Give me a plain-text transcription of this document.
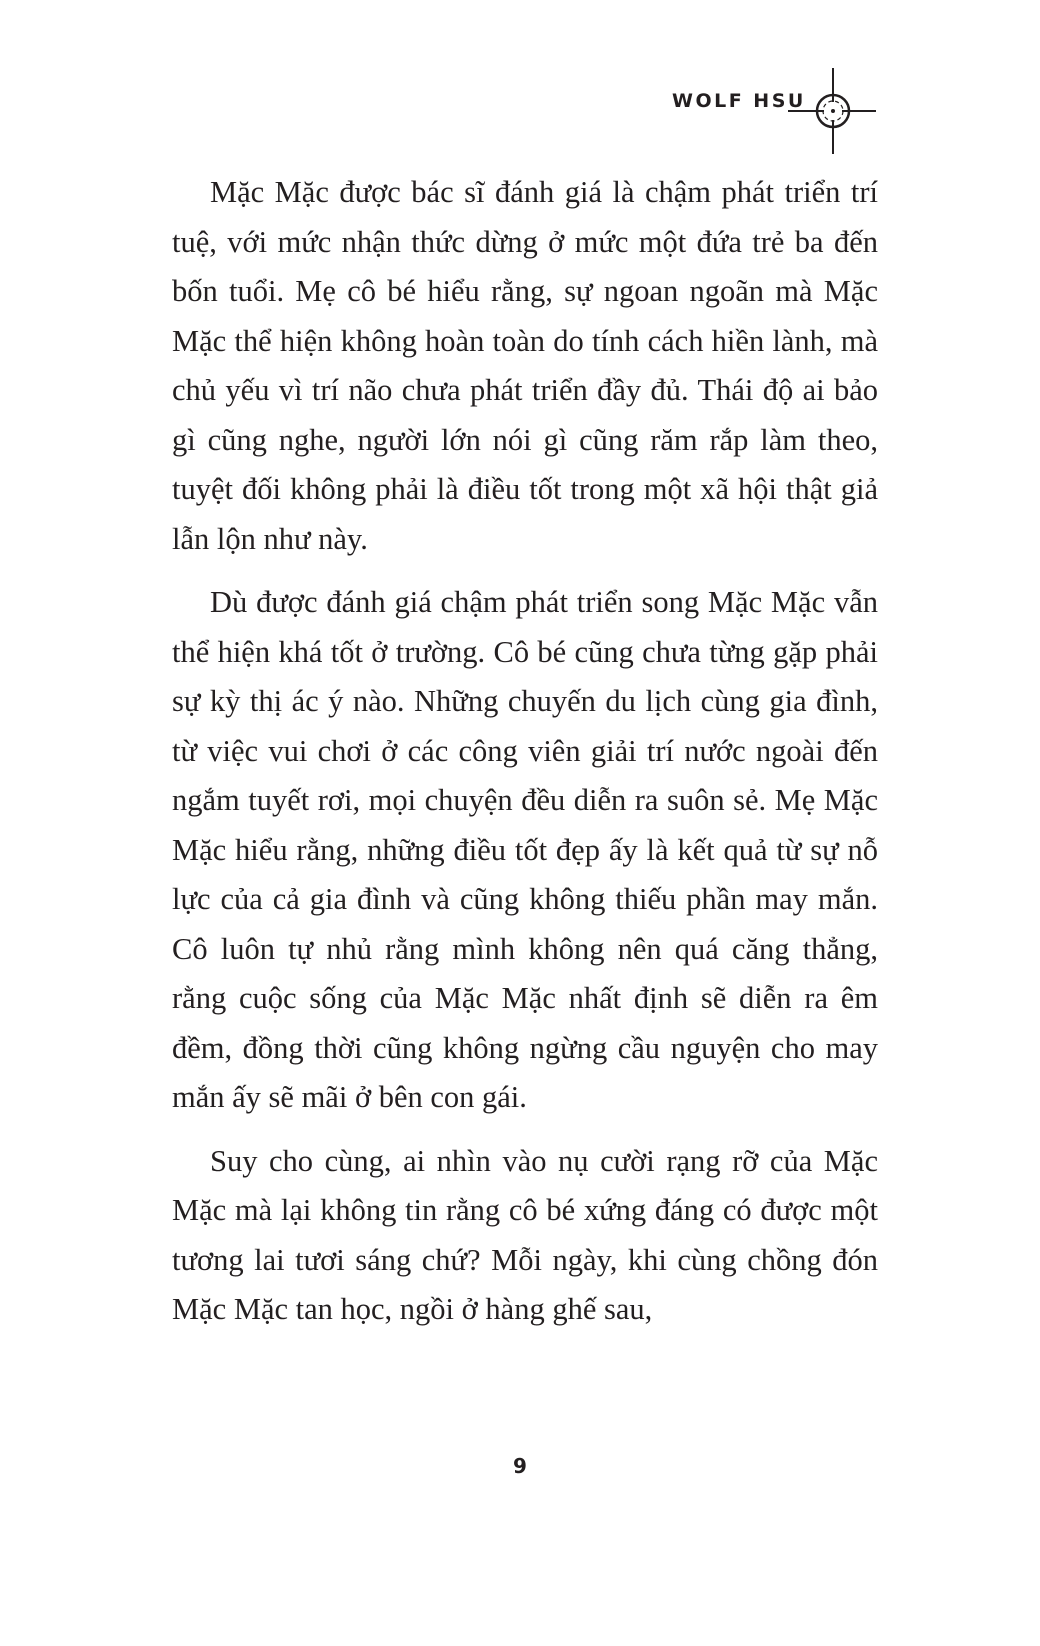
WOLF HSU

Mặc Mặc được bác sĩ đánh giá là chậm phát triển trí tuệ, với mức nhận thức dừng ở mức một đứa trẻ ba đến bốn tuổi. Mẹ cô bé hiểu rằng, sự ngoan ngoãn mà Mặc Mặc thể hiện không hoàn toàn do tính cách hiền lành, mà chủ yếu vì trí não chưa phát triển đầy đủ. Thái độ ai bảo gì cũng nghe, người lớn nói gì cũng răm rắp làm theo, tuyệt đối không phải là điều tốt trong một xã hội thật giả lẫn lộn như này.

Dù được đánh giá chậm phát triển song Mặc Mặc vẫn thể hiện khá tốt ở trường. Cô bé cũng chưa từng gặp phải sự kỳ thị ác ý nào. Những chuyến du lịch cùng gia đình, từ việc vui chơi ở các công viên giải trí nước ngoài đến ngắm tuyết rơi, mọi chuyện đều diễn ra suôn sẻ. Mẹ Mặc Mặc hiểu rằng, những điều tốt đẹp ấy là kết quả từ sự nỗ lực của cả gia đình và cũng không thiếu phần may mắn. Cô luôn tự nhủ rằng mình không nên quá căng thẳng, rằng cuộc sống của Mặc Mặc nhất định sẽ diễn ra êm đềm, đồng thời cũng không ngừng cầu nguyện cho may mắn ấy sẽ mãi ở bên con gái.

Suy cho cùng, ai nhìn vào nụ cười rạng rỡ của Mặc Mặc mà lại không tin rằng cô bé xứng đáng có được một tương lai tươi sáng chứ? Mỗi ngày, khi cùng chồng đón Mặc Mặc tan học, ngồi ở hàng ghế sau,

9
